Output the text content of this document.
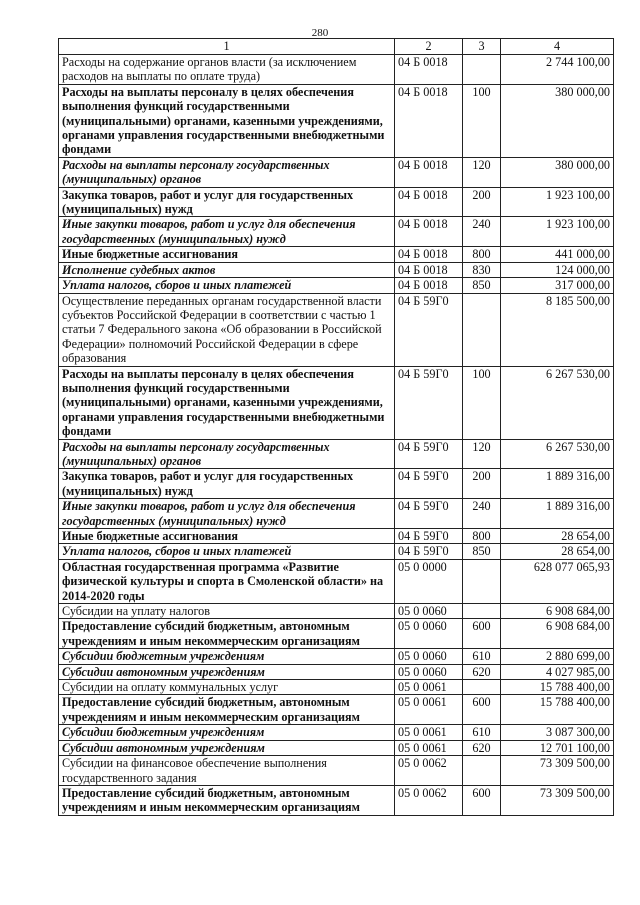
280
1	2	3	4
Расходы на содержание органов власти (за исключением расходов на выплаты по оплате труда)	04 Б 0018		2 744 100,00
Расходы на выплаты персоналу в целях обеспечения выполнения функций государственными (муниципальными) органами, казенными учреждениями, органами управления государственными внебюджетными фондами	04 Б 0018	100	380 000,00
Расходы на выплаты персоналу государственных (муниципальных) органов	04 Б 0018	120	380 000,00
Закупка товаров, работ и услуг для государственных (муниципальных) нужд	04 Б 0018	200	1 923 100,00
Иные закупки товаров, работ и услуг для обеспечения государственных (муниципальных) нужд	04 Б 0018	240	1 923 100,00
Иные бюджетные ассигнования	04 Б 0018	800	441 000,00
Исполнение судебных актов	04 Б 0018	830	124 000,00
Уплата налогов, сборов и иных платежей	04 Б 0018	850	317 000,00
Осуществление переданных органам государственной власти субъектов Российской Федерации в соответствии с частью 1 статьи 7 Федерального закона «Об образовании в Российской Федерации» полномочий Российской Федерации в сфере образования	04 Б 59Г0		8 185 500,00
Расходы на выплаты персоналу в целях обеспечения выполнения функций государственными (муниципальными) органами, казенными учреждениями, органами управления государственными внебюджетными фондами	04 Б 59Г0	100	6 267 530,00
Расходы на выплаты персоналу государственных (муниципальных) органов	04 Б 59Г0	120	6 267 530,00
Закупка товаров, работ и услуг для государственных (муниципальных) нужд	04 Б 59Г0	200	1 889 316,00
Иные закупки товаров, работ и услуг для обеспечения государственных (муниципальных) нужд	04 Б 59Г0	240	1 889 316,00
Иные бюджетные ассигнования	04 Б 59Г0	800	28 654,00
Уплата налогов, сборов и иных платежей	04 Б 59Г0	850	28 654,00
Областная государственная программа «Развитие физической культуры и спорта в Смоленской области» на 2014-2020 годы	05 0 0000		628 077 065,93
Субсидии на уплату налогов	05 0 0060		6 908 684,00
Предоставление субсидий бюджетным, автономным учреждениям и иным некоммерческим организациям	05 0 0060	600	6 908 684,00
Субсидии бюджетным учреждениям	05 0 0060	610	2 880 699,00
Субсидии автономным учреждениям	05 0 0060	620	4 027 985,00
Субсидии на оплату коммунальных услуг	05 0 0061		15 788 400,00
Предоставление субсидий бюджетным, автономным учреждениям и иным некоммерческим организациям	05 0 0061	600	15 788 400,00
Субсидии бюджетным учреждениям	05 0 0061	610	3 087 300,00
Субсидии автономным учреждениям	05 0 0061	620	12 701 100,00
Субсидии на финансовое обеспечение выполнения государственного задания	05 0 0062		73 309 500,00
Предоставление субсидий бюджетным, автономным учреждениям и иным некоммерческим организациям	05 0 0062	600	73 309 500,00
